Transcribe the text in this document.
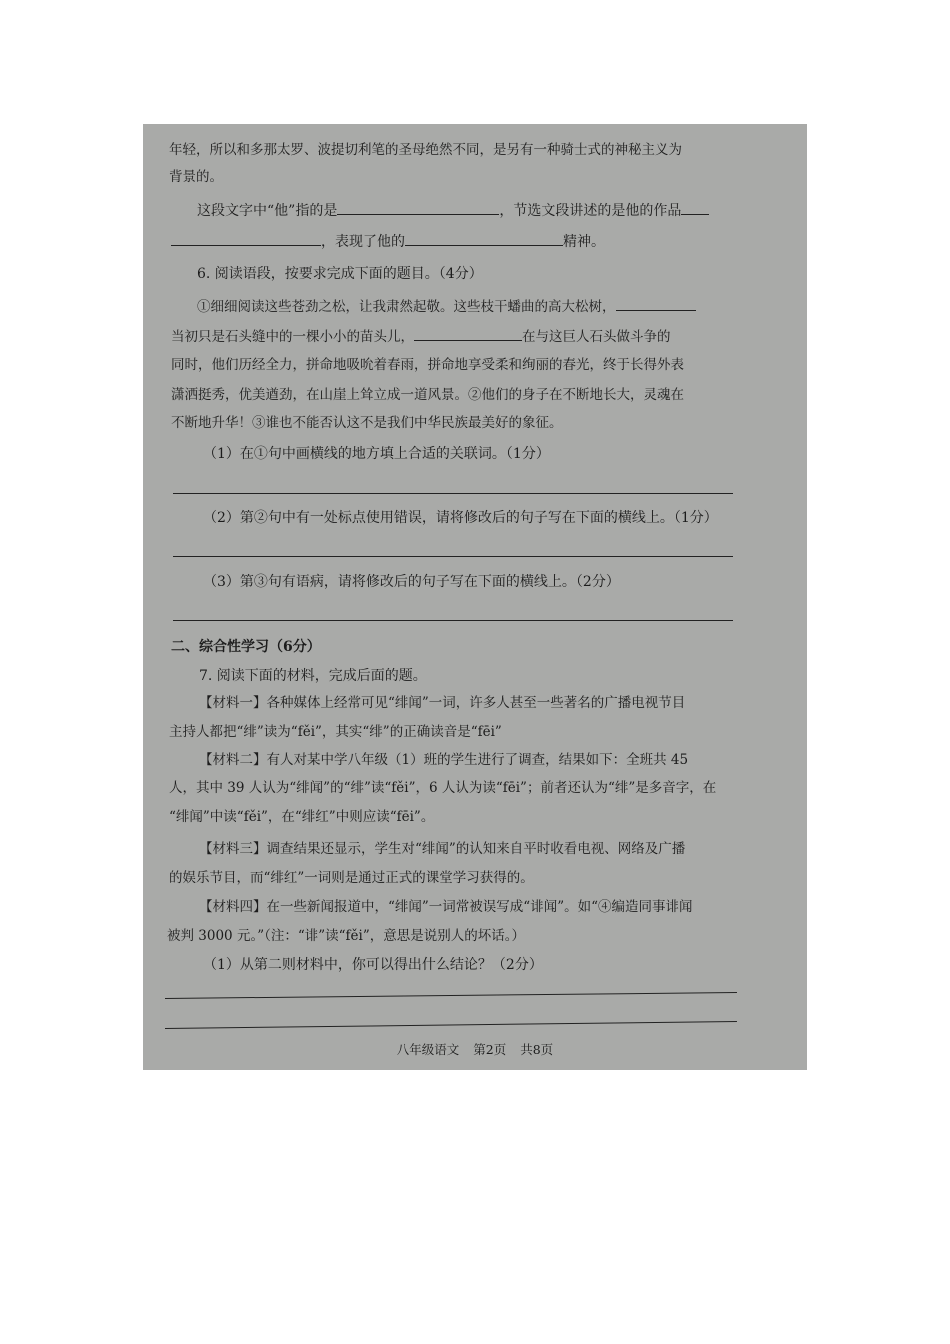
年轻，所以和多那太罗、波提切利笔的圣母绝然不同，是另有一种骑士式的神秘主义为
背景的。
这段文字中“他”指的是	，节选文段讲述的是他的作品
，表现了他的	精神。
6. 阅读语段，按要求完成下面的题目。（4分）
①细细阅读这些苍劲之松，让我肃然起敬。这些枝干蟠曲的高大松树，
当初只是石头缝中的一棵小小的苗头儿，	在与这巨人石头做斗争的
同时，他们历经全力，拼命地吸吮着春雨，拼命地享受柔和绚丽的春光，终于长得外表
潇洒挺秀，优美遒劲，在山崖上耸立成一道风景。②他们的身子在不断地长大，灵魂在
不断地升华！③谁也不能否认这不是我们中华民族最美好的象征。
（1）在①句中画横线的地方填上合适的关联词。（1分）
（2）第②句中有一处标点使用错误，请将修改后的句子写在下面的横线上。（1分）
（3）第③句有语病，请将修改后的句子写在下面的横线上。（2分）
二、综合性学习（6分）
7. 阅读下面的材料，完成后面的题。
【材料一】各种媒体上经常可见“绯闻”一词，许多人甚至一些著名的广播电视节目
主持人都把“绯”读为“fěi”，其实“绯”的正确读音是“fēi”
【材料二】有人对某中学八年级（1）班的学生进行了调查，结果如下：全班共 45
人，其中 39 人认为“绯闻”的“绯”读“fěi”，6 人认为读“fēi”；前者还认为“绯”是多音字，在
“绯闻”中读“fěi”，在“绯红”中则应读“fēi”。
【材料三】调查结果还显示，学生对“绯闻”的认知来自平时收看电视、网络及广播
的娱乐节目，而“绯红”一词则是通过正式的课堂学习获得的。
【材料四】在一些新闻报道中，“绯闻”一词常被误写成“诽闻”。如“④编造同事诽闻
被判 3000 元。”（注：“诽”读“fěi”，意思是说别人的坏话。）
（1）从第二则材料中，你可以得出什么结论？（2分）
八年级语文 第2页 共8页
